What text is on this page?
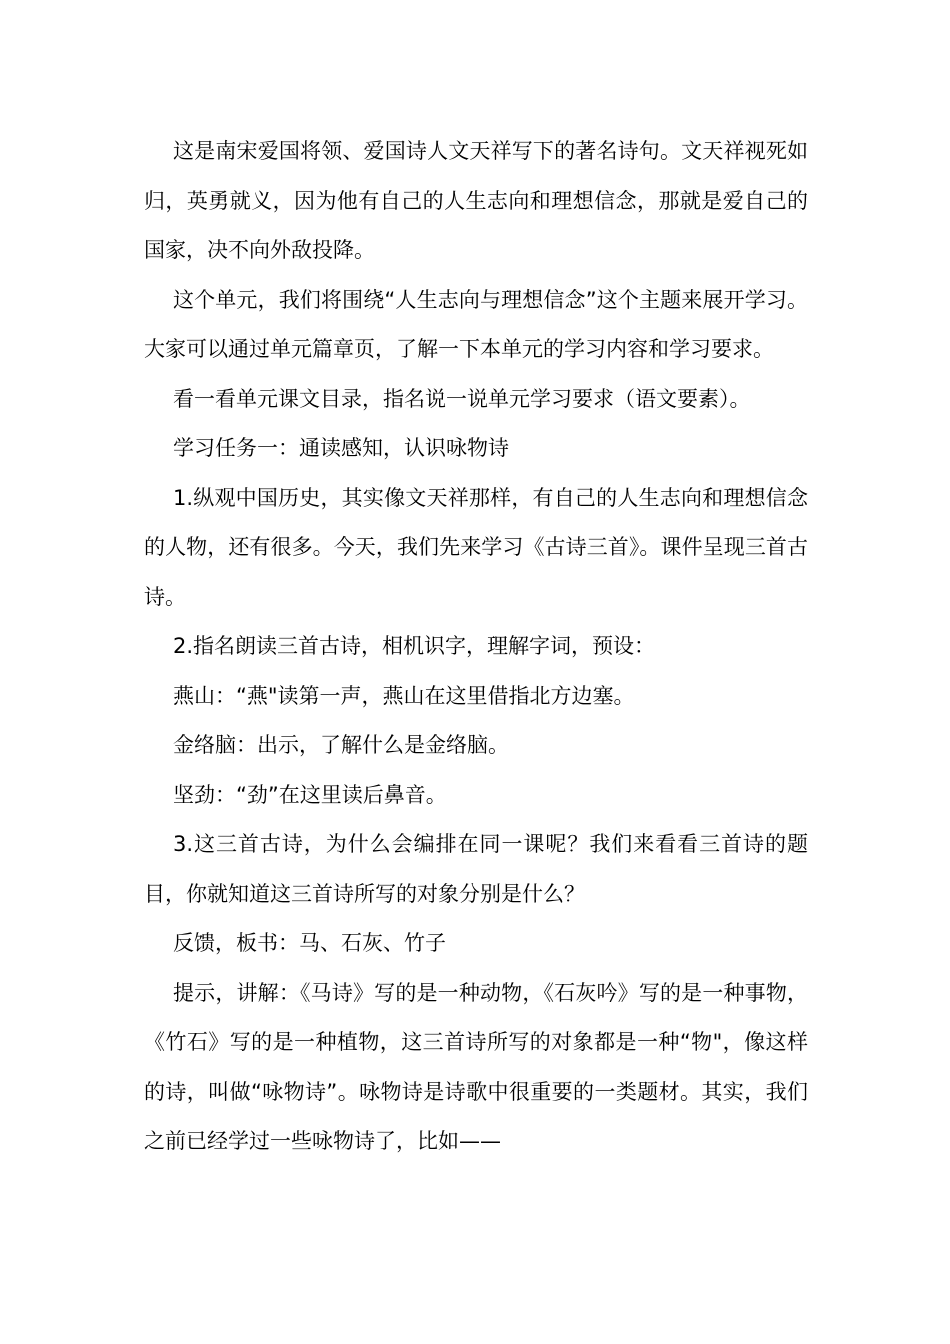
这是南宋爱国将领、爱国诗人文天祥写下的著名诗句。文天祥视死如归，英勇就义，因为他有自己的人生志向和理想信念，那就是爱自己的国家，决不向外敌投降。

这个单元，我们将围绕“人生志向与理想信念”这个主题来展开学习。大家可以通过单元篇章页，了解一下本单元的学习内容和学习要求。

看一看单元课文目录，指名说一说单元学习要求（语文要素）。

学习任务一：通读感知，认识咏物诗

1.纵观中国历史，其实像文天祥那样，有自己的人生志向和理想信念的人物，还有很多。今天，我们先来学习《古诗三首》。课件呈现三首古诗。

2.指名朗读三首古诗，相机识字，理解字词，预设：

燕山：“燕"读第一声，燕山在这里借指北方边塞。

金络脑：出示，了解什么是金络脑。

坚劲：“劲”在这里读后鼻音。

3.这三首古诗，为什么会编排在同一课呢？我们来看看三首诗的题目，你就知道这三首诗所写的对象分别是什么？

反馈，板书：马、石灰、竹子

提示，讲解：《马诗》写的是一种动物，《石灰吟》写的是一种事物，《竹石》写的是一种植物，这三首诗所写的对象都是一种“物"，像这样的诗，叫做“咏物诗”。咏物诗是诗歌中很重要的一类题材。其实，我们之前已经学过一些咏物诗了，比如——
